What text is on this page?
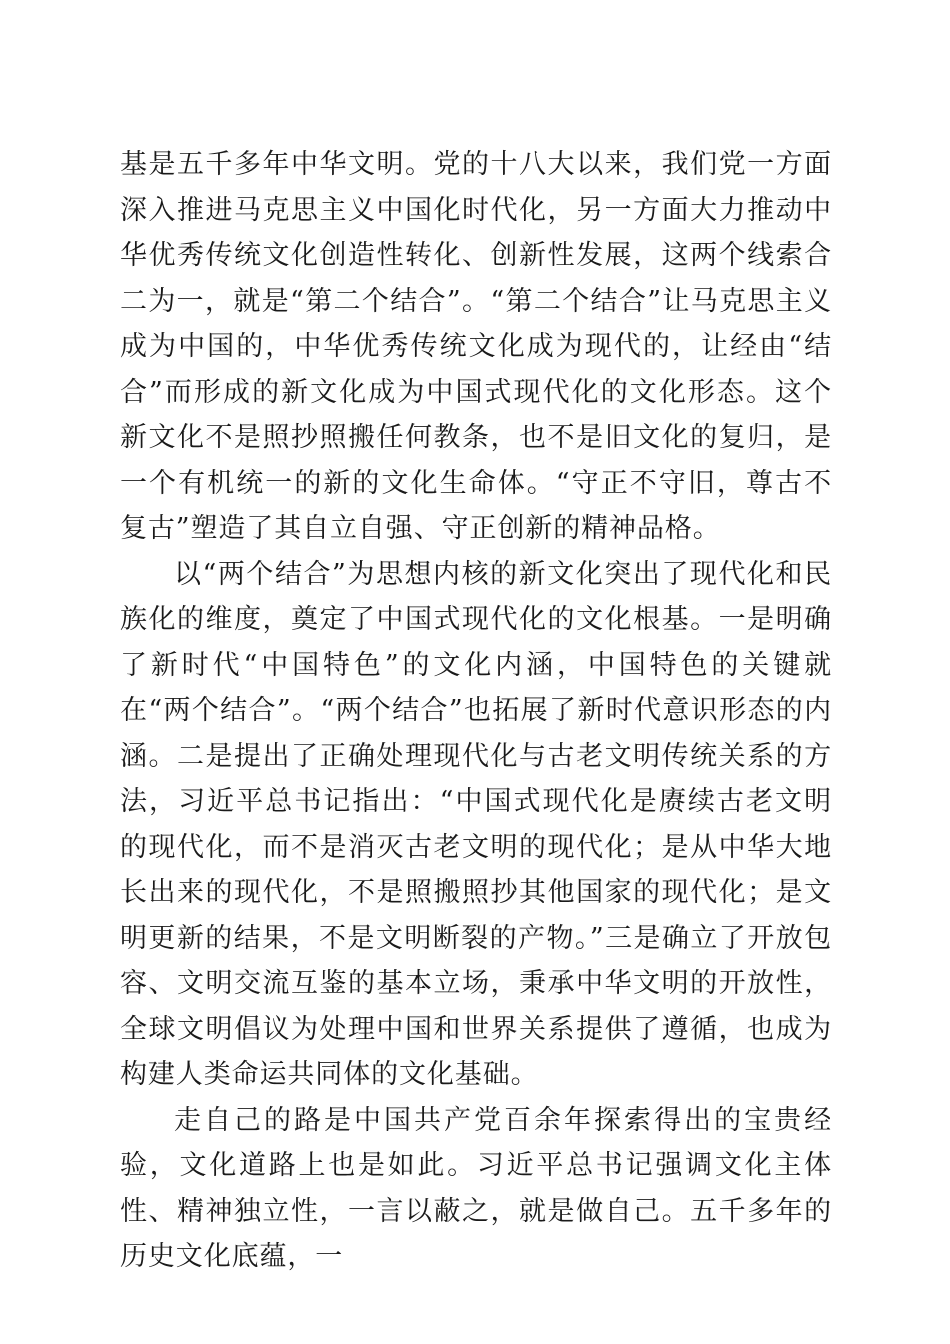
基是五千多年中华文明。党的十八大以来，我们党一方面深入推进马克思主义中国化时代化，另一方面大力推动中华优秀传统文化创造性转化、创新性发展，这两个线索合二为一，就是“第二个结合”。“第二个结合”让马克思主义成为中国的，中华优秀传统文化成为现代的，让经由“结合”而形成的新文化成为中国式现代化的文化形态。这个新文化不是照抄照搬任何教条，也不是旧文化的复归，是一个有机统一的新的文化生命体。“守正不守旧，尊古不复古”塑造了其自立自强、守正创新的精神品格。

以“两个结合”为思想内核的新文化突出了现代化和民族化的维度，奠定了中国式现代化的文化根基。一是明确了新时代“中国特色”的文化内涵，中国特色的关键就在“两个结合”。“两个结合”也拓展了新时代意识形态的内涵。二是提出了正确处理现代化与古老文明传统关系的方法，习近平总书记指出：“中国式现代化是赓续古老文明的现代化，而不是消灭古老文明的现代化；是从中华大地长出来的现代化，不是照搬照抄其他国家的现代化；是文明更新的结果，不是文明断裂的产物。”三是确立了开放包容、文明交流互鉴的基本立场，秉承中华文明的开放性，全球文明倡议为处理中国和世界关系提供了遵循，也成为构建人类命运共同体的文化基础。

走自己的路是中国共产党百余年探索得出的宝贵经验，文化道路上也是如此。习近平总书记强调文化主体性、精神独立性，一言以蔽之，就是做自己。五千多年的历史文化底蕴，一
